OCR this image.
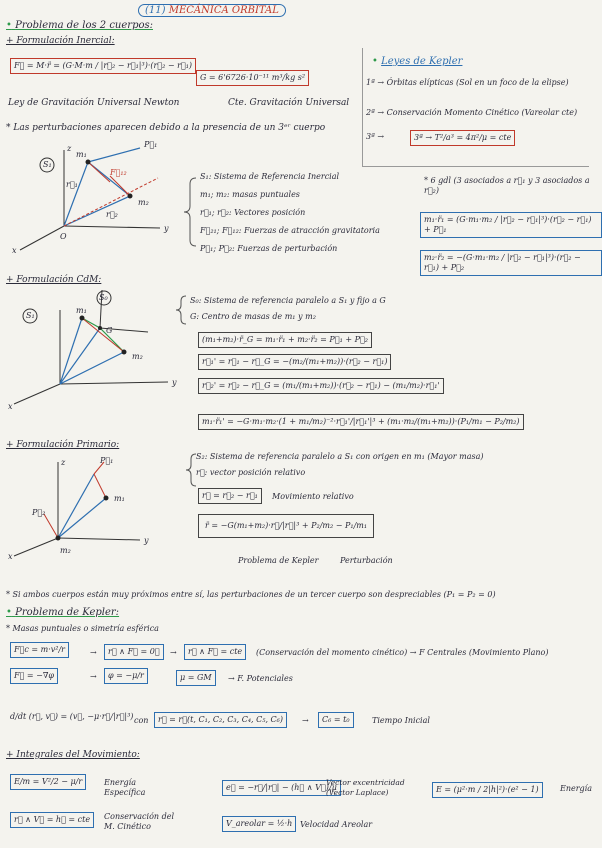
(11) MECÁNICA ORBITAL
• Problema de los 2 cuerpos:
+ Formulación Inercial:
F⃗ = M·r̈ = (G·M·m / |r⃗₂ − r⃗₁|³)·(r⃗₂ − r⃗₁)
G = 6'6726·10⁻¹¹ m³/kg s²
Ley de Gravitación Universal Newton	Cte. Gravitación Universal
* Las perturbaciones aparecen debido a la presencia de un 3ᵉʳ cuerpo
• Leyes de Kepler
1ª → Órbitas elípticas (Sol en un foco de la elipse)
2ª → Conservación Momento Cinético (Vareolar cte)
3ª →	3ª → T²/a³ = 4π²/μ = cte
S₁
z
y
x
O
m₁
m₂
P⃗₁
r⃗₁
r⃗₂
F⃗₁₂	S₁: Sistema de Referencia Inercial
m₁; m₂: masas puntuales
r⃗₁; r⃗₂: Vectores posición
F⃗₂₁; F⃗₁₂: Fuerzas de atracción gravitatoria
P⃗₁; P⃗₂: Fuerzas de perturbación
* 6 gdl (3 asociados a r⃗₁ y 3 asociados a r⃗₂)
m₁·r̈₁ = (G·m₁·m₂ / |r⃗₂ − r⃗₁|³)·(r⃗₂ − r⃗₁) + P⃗₁
m₂·r̈₂ = −(G·m₁·m₂ / |r⃗₂ − r⃗₁|³)·(r⃗₂ − r⃗₁) + P⃗₂
+ Formulación CdM:
S₁
S₀
G
m₁
m₂
y
x
S₀: Sistema de referencia paralelo a S₁ y fijo a G
G: Centro de masas de m₁ y m₂
(m₁+m₂)·r̈_G = m₁·r̈₁ + m₂·r̈₂ = P⃗₁ + P⃗₂
r⃗₁' = r⃗₁ − r⃗_G = −(m₂/(m₁+m₂))·(r⃗₂ − r⃗₁)
r⃗₂' = r⃗₂ − r⃗_G = (m₁/(m₁+m₂))·(r⃗₂ − r⃗₁) − (m₁/m₂)·r⃗₁'
m₁·r̈₁' = −G·m₁·m₂·(1 + m₁/m₂)⁻²·r⃗₁'/|r⃗₁'|³ + (m₁·m₂/(m₁+m₂))·(P₁/m₁ − P₂/m₂)
+ Formulación Primario:
z
y
x
m₁
m₂
P⃗₁
P⃗₂
S₂: Sistema de referencia paralelo a S₁ con origen en m₁ (Mayor masa)
r⃗: vector posición relativo
r⃗ = r⃗₂ − r⃗₁	Movimiento relativo
r̈ = −G(m₁+m₂)·r⃗/|r⃗|³ + P₂/m₂ − P₁/m₁
Problema de Kepler	Perturbación
* Si ambos cuerpos están muy próximos entre sí, las perturbaciones de un tercer cuerpo son despreciables (P₁ = P₂ = 0)
• Problema de Kepler:
* Masas puntuales o simetría esférica
F⃗c = m·v²/r	→	r⃗ ∧ F⃗ = 0⃗	→	r⃗ ∧ F⃗ = cte	(Conservación del momento cinético) → F Centrales (Movimiento Plano)
F⃗ = −∇φ	→	φ = −μ/r	μ = GM	→ F. Potenciales
d/dt (r⃗, v⃗) = (v⃗, −μ·r⃗/|r⃗|³) con	r⃗ = r⃗(t, C₁, C₂, C₃, C₄, C₅, C₆)	→	C₆ = t₀	Tiempo Inicial
+ Integrales del Movimiento:
E/m = V²/2 − μ/r	Energía Específica
e⃗ = −r⃗/|r⃗| − (h⃗ ∧ V⃗)/μ
Vector excentricidad (Vector Laplace)	E = (μ²·m / 2|h|²)·(e² − 1)	Energía
r⃗ ∧ V⃗ = h⃗ = cte	Conservación del M. Cinético	V_areolar = ½·h Velocidad Areolar
